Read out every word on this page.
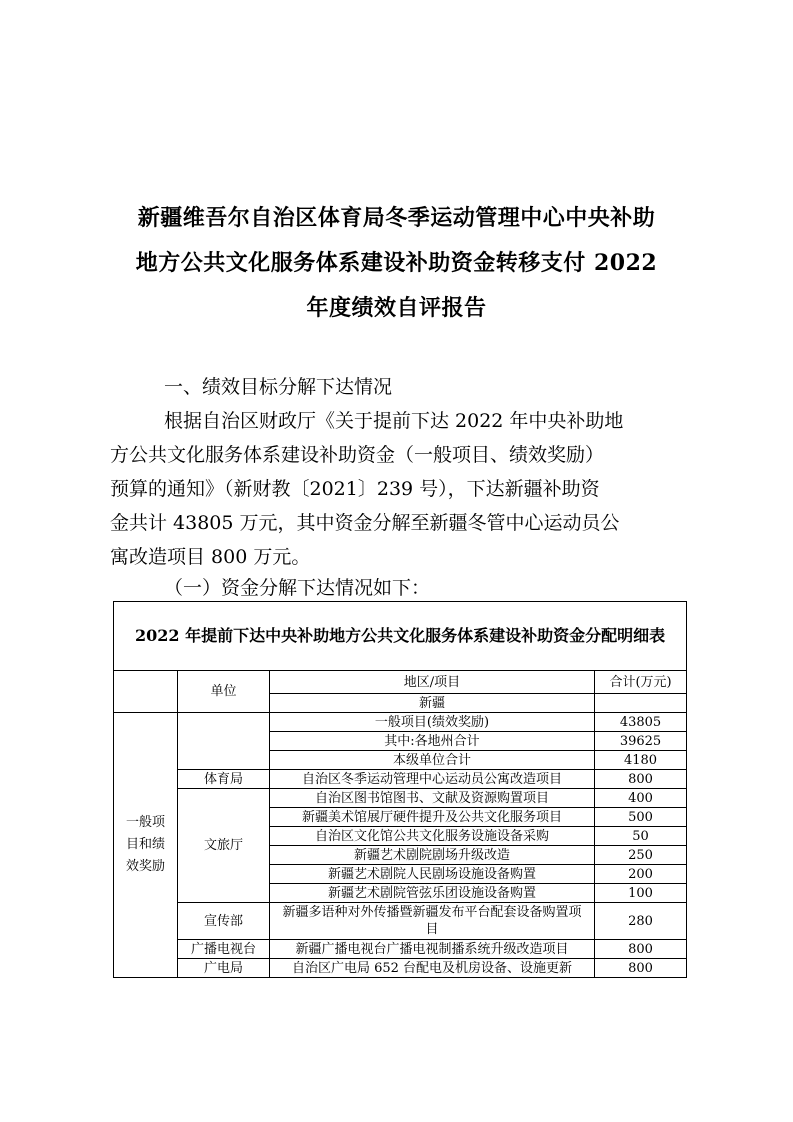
新疆维吾尔自治区体育局冬季运动管理中心中央补助
地方公共文化服务体系建设补助资金转移支付 2022
年度绩效自评报告
一、绩效目标分解下达情况
根据自治区财政厅《关于提前下达 2022 年中央补助地
方公共文化服务体系建设补助资金（一般项目、绩效奖励）
预算的通知》（新财教〔2021〕239 号），下达新疆补助资
金共计 43805 万元，其中资金分解至新疆冬管中心运动员公
寓改造项目 800 万元。
（一）资金分解下达情况如下：
2022 年提前下达中央补助地方公共文化服务体系建设补助资金分配明细表			
	单位	地区/项目	合计(万元)
		新疆	
一般项目和绩效奖励		一般项目(绩效奖励)	43805
		其中:各地州合计	39625
		本级单位合计	4180
	体育局	自治区冬季运动管理中心运动员公寓改造项目	800
	文旅厅	自治区图书馆图书、文献及资源购置项目	400
		新疆美术馆展厅硬件提升及公共文化服务项目	500
		自治区文化馆公共文化服务设施设备采购	50
		新疆艺术剧院剧场升级改造	250
		新疆艺术剧院人民剧场设施设备购置	200
		新疆艺术剧院管弦乐团设施设备购置	100
	宣传部	新疆多语种对外传播暨新疆发布平台配套设备购置项目	280
	广播电视台	新疆广播电视台广播电视制播系统升级改造项目	800
	广电局	自治区广电局 652 台配电及机房设备、设施更新	800
